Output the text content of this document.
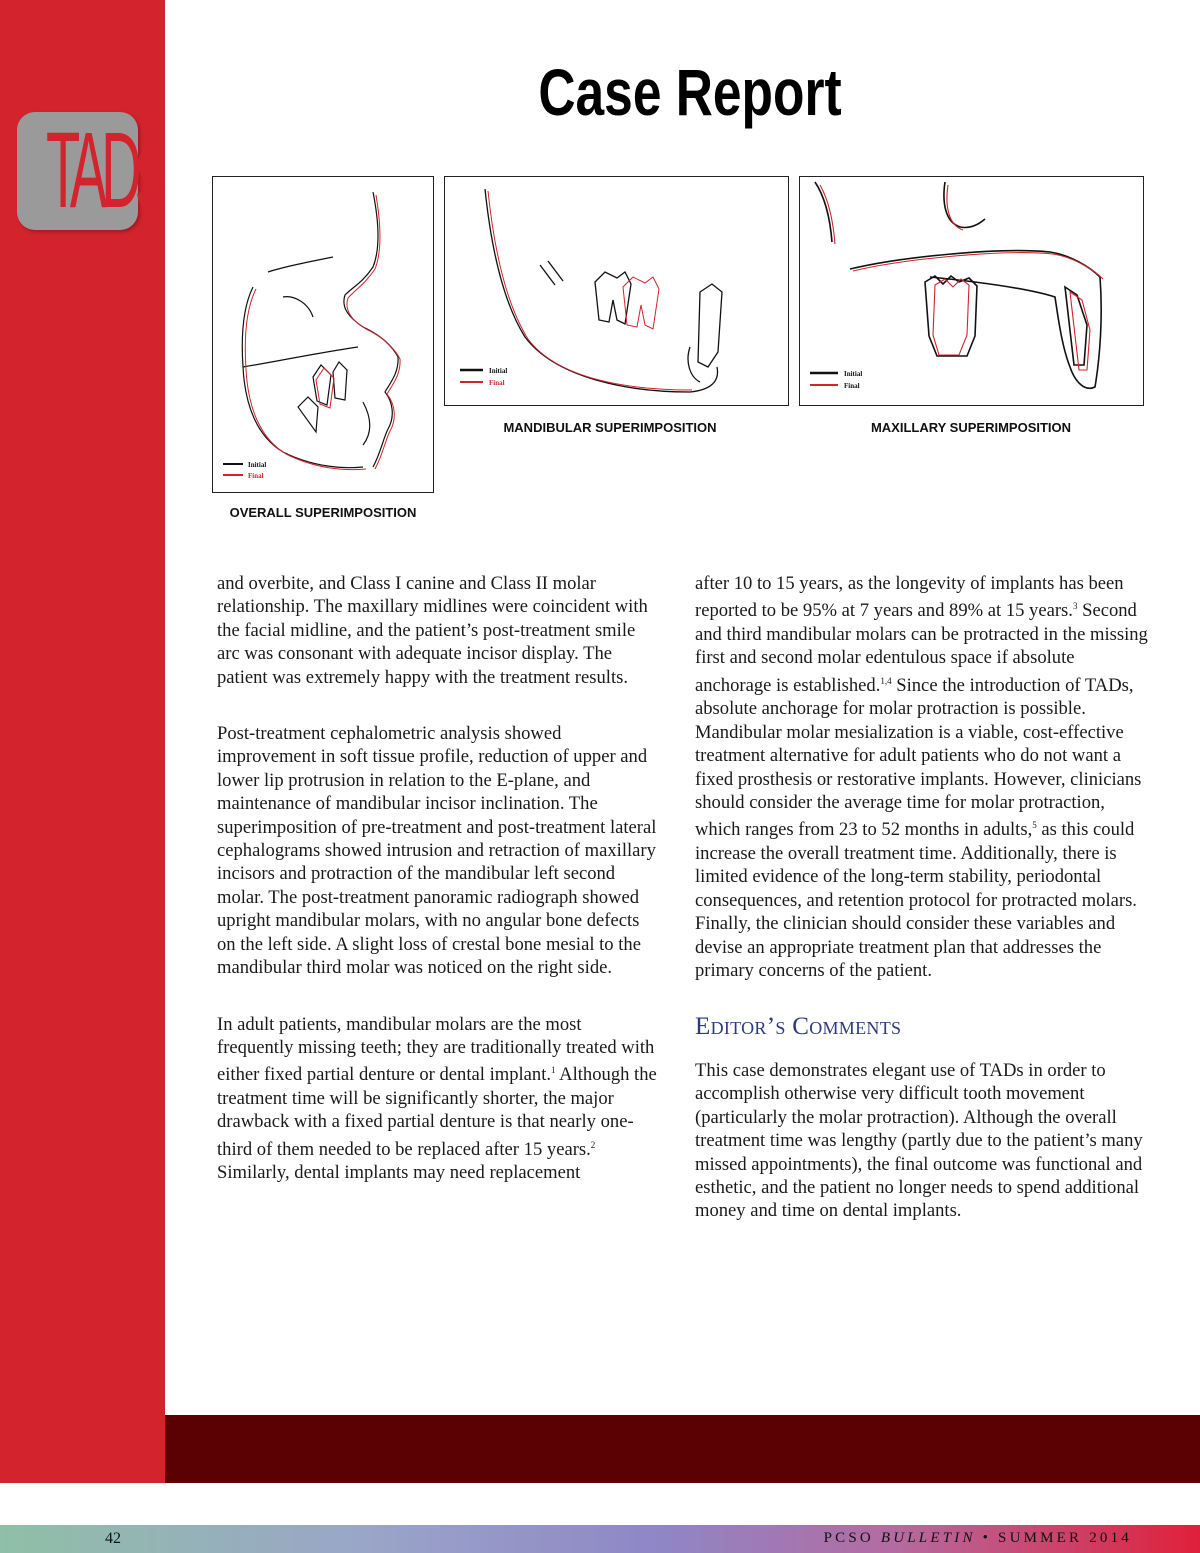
TADs
Case Report
Initial
Final
OVERALL SUPERIMPOSITION
Initial
Final
MANDIBULAR SUPERIMPOSITION
Initial
Final
MAXILLARY SUPERIMPOSITION

and overbite, and Class I canine and Class II molar relationship. The maxillary midlines were coincident with the facial midline, and the patient’s post-treatment smile arc was consonant with adequate incisor display. The patient was extremely happy with the treatment results.

Post-treatment cephalometric analysis showed improvement in soft tissue profile, reduction of upper and lower lip protrusion in relation to the E-plane, and maintenance of mandibular incisor inclination. The superimposition of pre-treatment and post-treatment lateral cephalograms showed intrusion and retraction of maxillary incisors and protraction of the mandibular left second molar. The post-treatment panoramic radiograph showed upright mandibular molars, with no angular bone defects on the left side. A slight loss of crestal bone mesial to the mandibular third molar was noticed on the right side.

In adult patients, mandibular molars are the most frequently missing teeth; they are traditionally treated with either fixed partial denture or dental implant.$^1$ Although the treatment time will be significantly shorter, the major drawback with a fixed partial denture is that nearly one-third of them needed to be replaced after 15 years.$^2$ Similarly, dental implants may need replacement

after 10 to 15 years, as the longevity of implants has been reported to be 95% at 7 years and 89% at 15 years.$^3$ Second and third mandibular molars can be protracted in the missing first and second molar edentulous space if absolute anchorage is established.$^{1,4}$ Since the introduction of TADs, absolute anchorage for molar protraction is possible. Mandibular molar mesialization is a viable, cost-effective treatment alternative for adult patients who do not want a fixed prosthesis or restorative implants. However, clinicians should consider the average time for molar protraction, which ranges from 23 to 52 months in adults,$^5$ as this could increase the overall treatment time. Additionally, there is limited evidence of the long-term stability, periodontal consequences, and retention protocol for protracted molars. Finally, the clinician should consider these variables and devise an appropriate treatment plan that addresses the primary concerns of the patient.

Editor’s Comments

This case demonstrates elegant use of TADs in order to accomplish otherwise very difficult tooth movement (particularly the molar protraction). Although the overall treatment time was lengthy (partly due to the patient’s many missed appointments), the final outcome was functional and esthetic, and the patient no longer needs to spend additional money and time on dental implants.

42	PCSO BULLETIN • SUMMER 2014
